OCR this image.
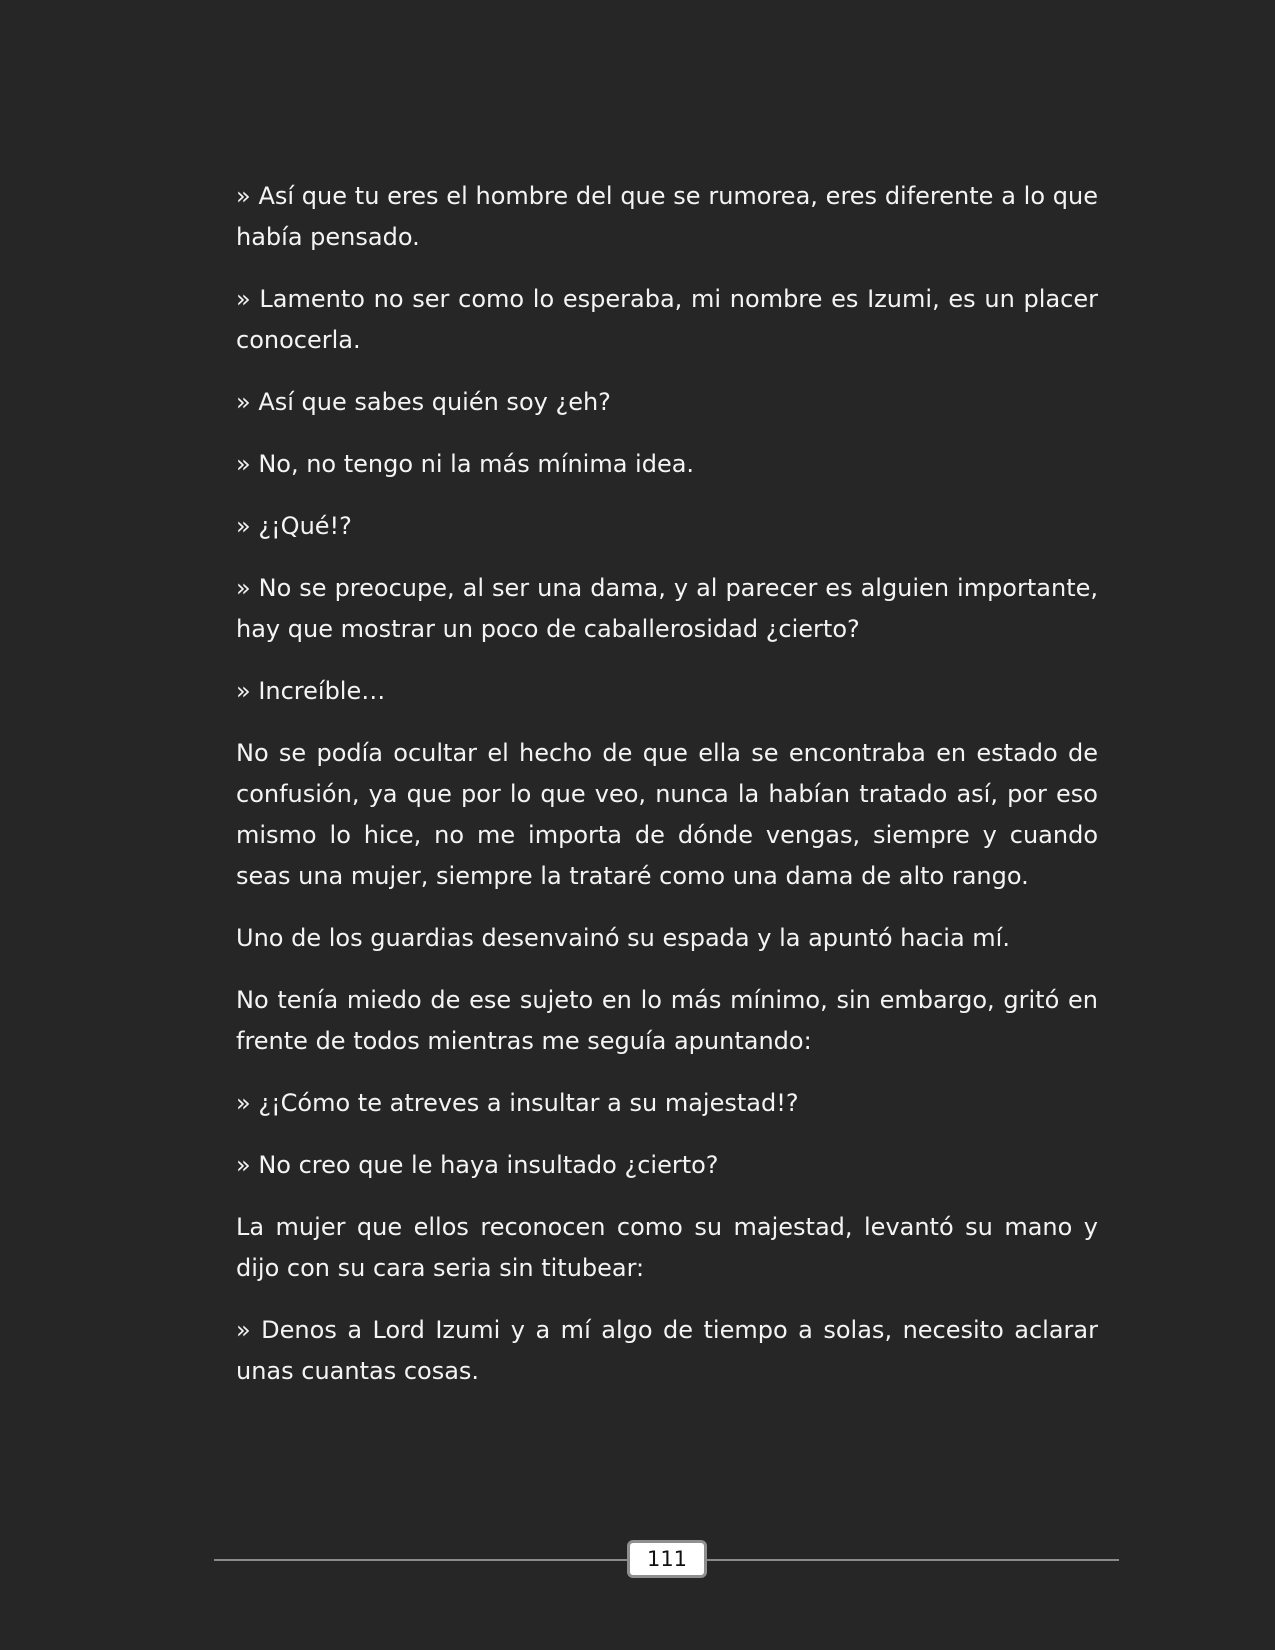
» Así que tu eres el hombre del que se rumorea, eres diferente a lo que había pensado.

» Lamento no ser como lo esperaba, mi nombre es Izumi, es un placer conocerla.

» Así que sabes quién soy ¿eh?

» No, no tengo ni la más mínima idea.

» ¿¡Qué!?

» No se preocupe, al ser una dama, y al parecer es alguien importante, hay que mostrar un poco de caballerosidad ¿cierto?

» Increíble…

No se podía ocultar el hecho de que ella se encontraba en estado de confusión, ya que por lo que veo, nunca la habían tratado así, por eso mismo lo hice, no me importa de dónde vengas, siempre y cuando seas una mujer, siempre la trataré como una dama de alto rango.

Uno de los guardias desenvainó su espada y la apuntó hacia mí.

No tenía miedo de ese sujeto en lo más mínimo, sin embargo, gritó en frente de todos mientras me seguía apuntando:

» ¿¡Cómo te atreves a insultar a su majestad!?

» No creo que le haya insultado ¿cierto?

La mujer que ellos reconocen como su majestad, levantó su mano y dijo con su cara seria sin titubear:

» Denos a Lord Izumi y a mí algo de tiempo a solas, necesito aclarar unas cuantas cosas.

111
